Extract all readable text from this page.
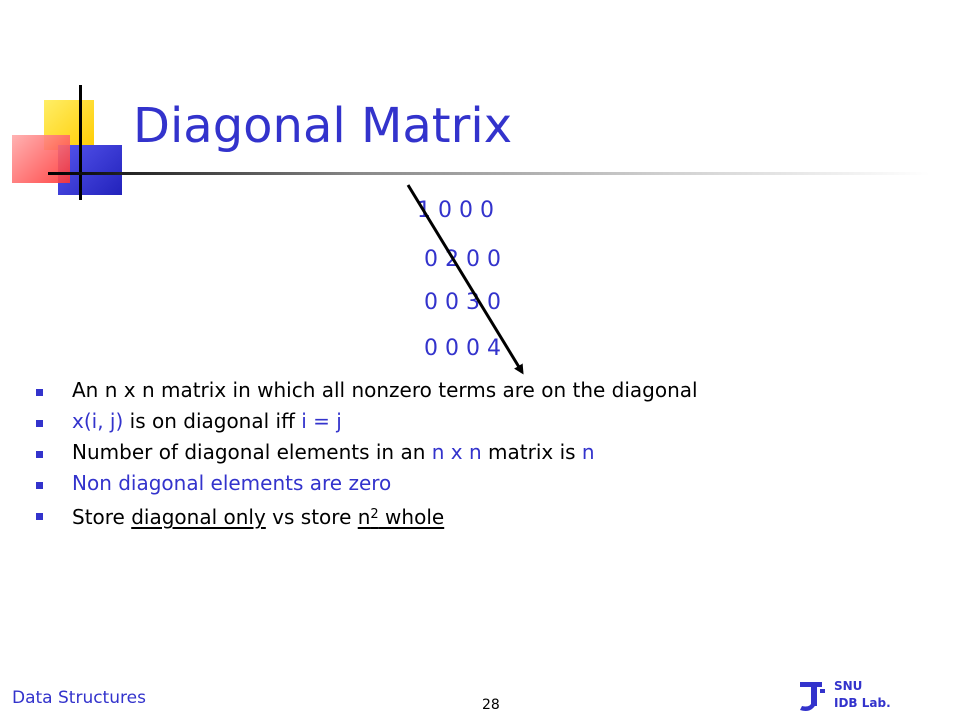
Diagonal Matrix
1 0 0 0
0 2 0 0
0 0 3 0
0 0 0 4
An n x n matrix in which all nonzero terms are on the diagonal
x(i, j) is on diagonal iff i = j
Number of diagonal elements in an n x n matrix is n
Non diagonal elements are zero
Store diagonal only vs store $n^2$ whole
Data Structures	28
SNU
IDB Lab.
